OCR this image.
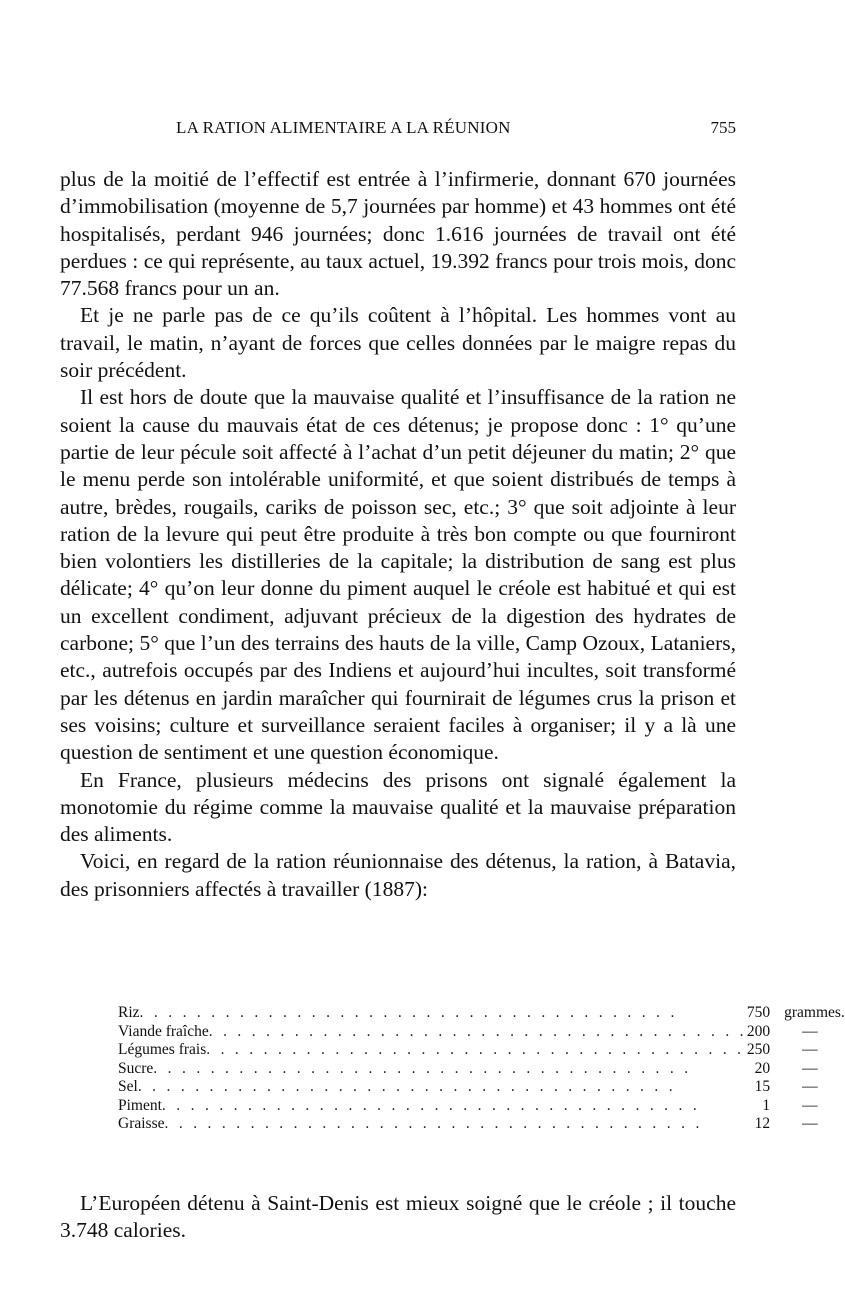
LA RATION ALIMENTAIRE A LA RÉUNION	755

plus de la moitié de l’effectif est entrée à l’infirmerie, donnant 670 journées d’immobilisation (moyenne de 5,7 journées par homme) et 43 hommes ont été hospitalisés, perdant 946 journées; donc 1.616 journées de travail ont été perdues : ce qui représente, au taux actuel, 19.392 francs pour trois mois, donc 77.568 francs pour un an.

Et je ne parle pas de ce qu’ils coûtent à l’hôpital. Les hommes vont au travail, le matin, n’ayant de forces que celles données par le maigre repas du soir précédent.

Il est hors de doute que la mauvaise qualité et l’insuffisance de la ration ne soient la cause du mauvais état de ces détenus; je propose donc : 1° qu’une partie de leur pécule soit affecté à l’achat d’un petit déjeuner du matin; 2° que le menu perde son intolérable uniformité, et que soient distribués de temps à autre, brèdes, rougails, cariks de poisson sec, etc.; 3° que soit adjointe à leur ration de la levure qui peut être produite à très bon compte ou que fourniront bien volontiers les distilleries de la capitale; la distribution de sang est plus délicate; 4° qu’on leur donne du piment auquel le créole est habitué et qui est un excellent condiment, adjuvant précieux de la digestion des hydrates de carbone; 5° que l’un des terrains des hauts de la ville, Camp Ozoux, Lataniers, etc., autrefois occupés par des Indiens et aujourd’hui incultes, soit transformé par les détenus en jardin maraîcher qui fournirait de légumes crus la prison et ses voisins; culture et surveillance seraient faciles à organiser; il y a là une question de sentiment et une question économique.

En France, plusieurs médecins des prisons ont signalé également la monotomie du régime comme la mauvaise qualité et la mauvaise préparation des aliments.

Voici, en regard de la ration réunionnaise des détenus, la ration, à Batavia, des prisonniers affectés à travailler (1887):

Riz. . . . . . . . . . . . . . . . . . . . . . . . . . . . . . . . . . . . . .	750	grammes.
Viande fraîche. . . . . . . . . . . . . . . . . . . . . . . . . . . . . . . . . . . . . .	200	—
Légumes frais. . . . . . . . . . . . . . . . . . . . . . . . . . . . . . . . . . . . . .	250	—
Sucre. . . . . . . . . . . . . . . . . . . . . . . . . . . . . . . . . . . . . .	20	—
Sel. . . . . . . . . . . . . . . . . . . . . . . . . . . . . . . . . . . . . .	15	—
Piment. . . . . . . . . . . . . . . . . . . . . . . . . . . . . . . . . . . . . .	1	—
Graisse. . . . . . . . . . . . . . . . . . . . . . . . . . . . . . . . . . . . . .	12	—

L’Européen détenu à Saint-Denis est mieux soigné que le créole ; il touche 3.748 calories.
